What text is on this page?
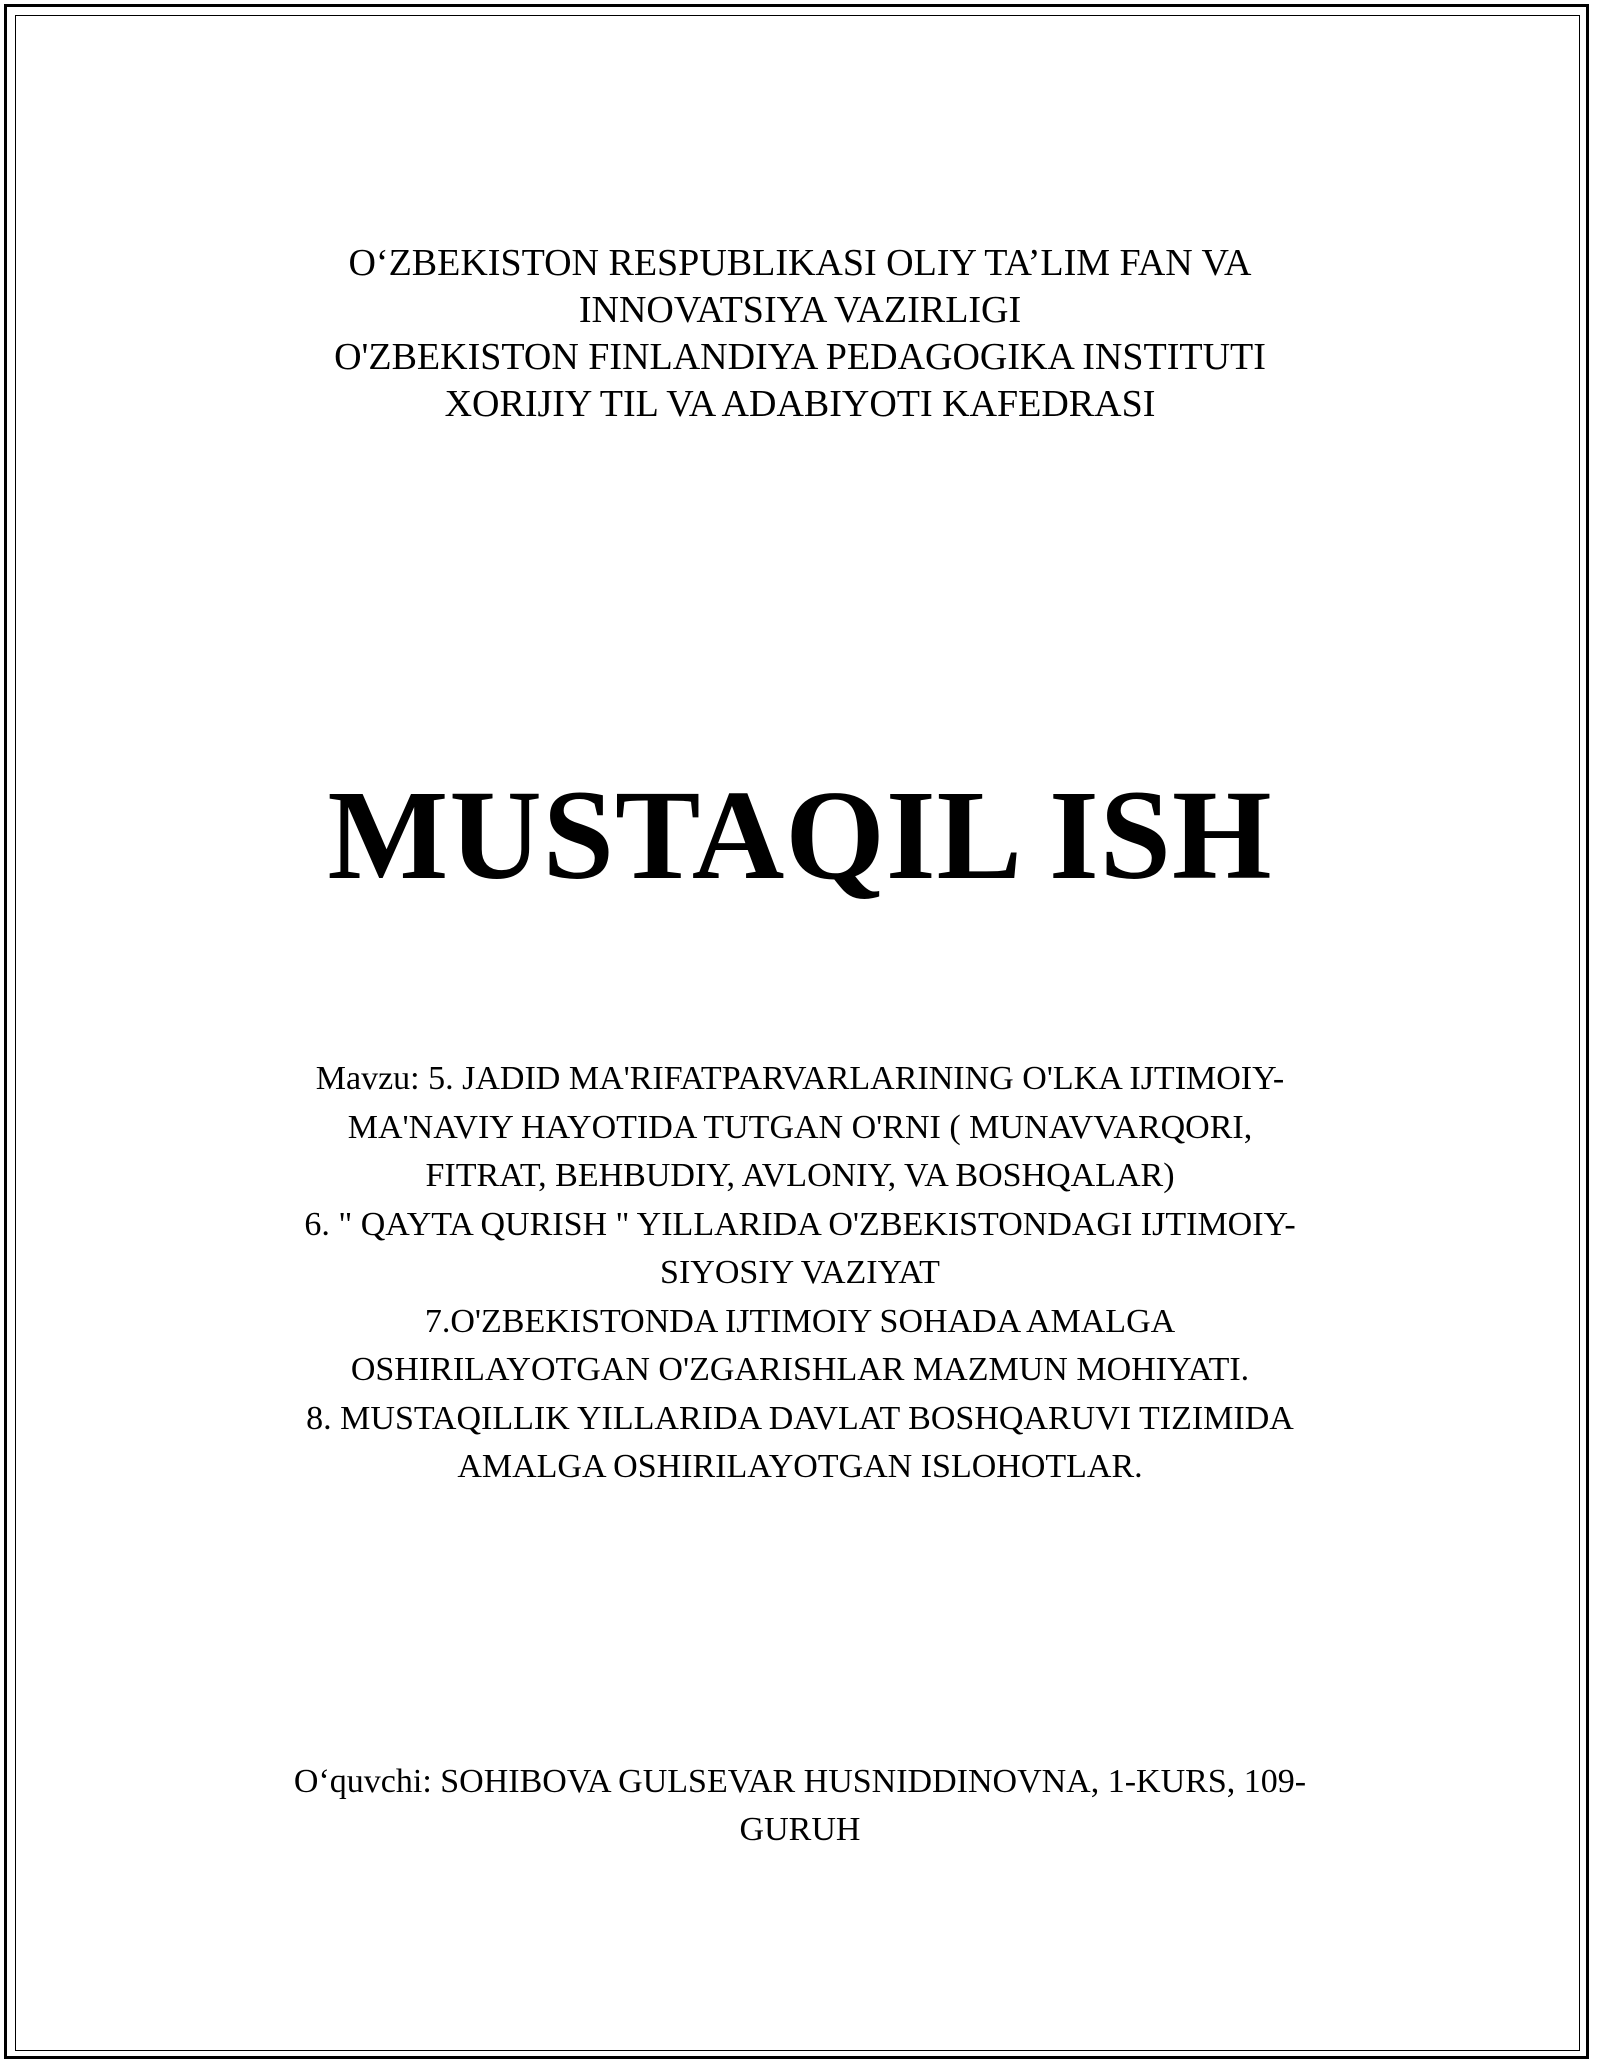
O‘ZBEKISTON RESPUBLIKASI OLIY TA’LIM FAN VA
INNOVATSIYA VAZIRLIGI
O'ZBEKISTON FINLANDIYA PEDAGOGIKA INSTITUTI
XORIJIY TIL VA ADABIYOTI KAFEDRASI
MUSTAQIL ISH
Mavzu: 5. JADID MA'RIFATPARVARLARINING O'LKA IJTIMOIY-
MA'NAVIY HAYOTIDA TUTGAN O'RNI ( MUNAVVARQORI,
FITRAT, BEHBUDIY, AVLONIY, VA BOSHQALAR)
6. " QAYTA QURISH " YILLARIDA O'ZBEKISTONDAGI IJTIMOIY-
SIYOSIY VAZIYAT
7.O'ZBEKISTONDA IJTIMOIY SOHADA AMALGA
OSHIRILAYOTGAN O'ZGARISHLAR MAZMUN MOHIYATI.
8. MUSTAQILLIK YILLARIDA DAVLAT BOSHQARUVI TIZIMIDA
AMALGA OSHIRILAYOTGAN ISLOHOTLAR.
O‘quvchi: SOHIBOVA GULSEVAR HUSNIDDINOVNA, 1-KURS, 109-
GURUH
